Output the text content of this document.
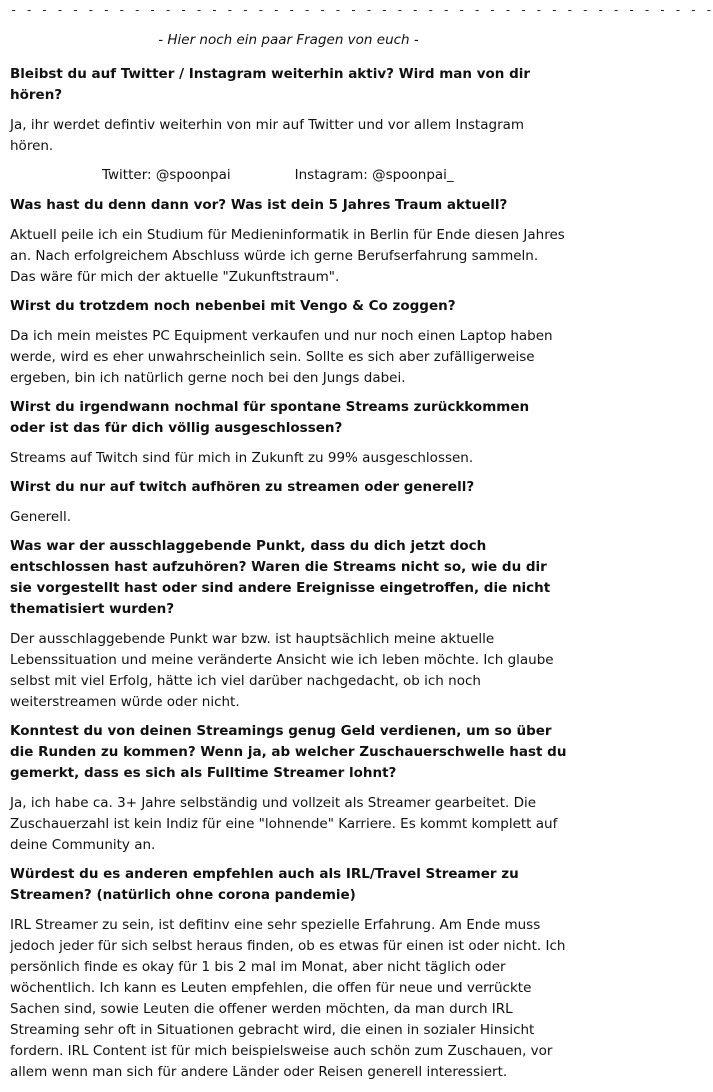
- - - - - - - - - - - - - - - - - - - - - - - - - - - - - - - - - - - - - - - - - - - - - -
- Hier noch ein paar Fragen von euch -
Bleibst du auf Twitter / Instagram weiterhin aktiv? Wird man von dir hören?
Ja, ihr werdet defintiv weiterhin von mir auf Twitter und vor allem Instagram hören.
Twitter: @spoonpai	Instagram: @spoonpai_
Was hast du denn dann vor? Was ist dein 5 Jahres Traum aktuell?
Aktuell peile ich ein Studium für Medieninformatik in Berlin für Ende diesen Jahres an. Nach erfolgreichem Abschluss würde ich gerne Berufserfahrung sammeln. Das wäre für mich der aktuelle "Zukunftstraum".
Wirst du trotzdem noch nebenbei mit Vengo & Co zoggen?
Da ich mein meistes PC Equipment verkaufen und nur noch einen Laptop haben werde, wird es eher unwahrscheinlich sein. Sollte es sich aber zufälligerweise ergeben, bin ich natürlich gerne noch bei den Jungs dabei.
Wirst du irgendwann nochmal für spontane Streams zurückkommen oder ist das für dich völlig ausgeschlossen?
Streams auf Twitch sind für mich in Zukunft zu 99% ausgeschlossen.
Wirst du nur auf twitch aufhören zu streamen oder generell?
Generell.
Was war der ausschlaggebende Punkt, dass du dich jetzt doch entschlossen hast aufzuhören? Waren die Streams nicht so, wie du dir sie vorgestellt hast oder sind andere Ereignisse eingetroffen, die nicht thematisiert wurden?
Der ausschlaggebende Punkt war bzw. ist hauptsächlich meine aktuelle Lebenssituation und meine veränderte Ansicht wie ich leben möchte. Ich glaube selbst mit viel Erfolg, hätte ich viel darüber nachgedacht, ob ich noch weiterstreamen würde oder nicht.
Konntest du von deinen Streamings genug Geld verdienen, um so über die Runden zu kommen? Wenn ja, ab welcher Zuschauerschwelle hast du gemerkt, dass es sich als Fulltime Streamer lohnt?
Ja, ich habe ca. 3+ Jahre selbständig und vollzeit als Streamer gearbeitet. Die Zuschauerzahl ist kein Indiz für eine "lohnende" Karriere. Es kommt komplett auf deine Community an.
Würdest du es anderen empfehlen auch als IRL/Travel Streamer zu Streamen? (natürlich ohne corona pandemie)
IRL Streamer zu sein, ist defitinv eine sehr spezielle Erfahrung. Am Ende muss jedoch jeder für sich selbst heraus finden, ob es etwas für einen ist oder nicht. Ich persönlich finde es okay für 1 bis 2 mal im Monat, aber nicht täglich oder wöchentlich. Ich kann es Leuten empfehlen, die offen für neue und verrückte Sachen sind, sowie Leuten die offener werden möchten, da man durch IRL Streaming sehr oft in Situationen gebracht wird, die einen in sozialer Hinsicht fordern. IRL Content ist für mich beispielsweise auch schön zum Zuschauen, vor allem wenn man sich für andere Länder oder Reisen generell interessiert.
